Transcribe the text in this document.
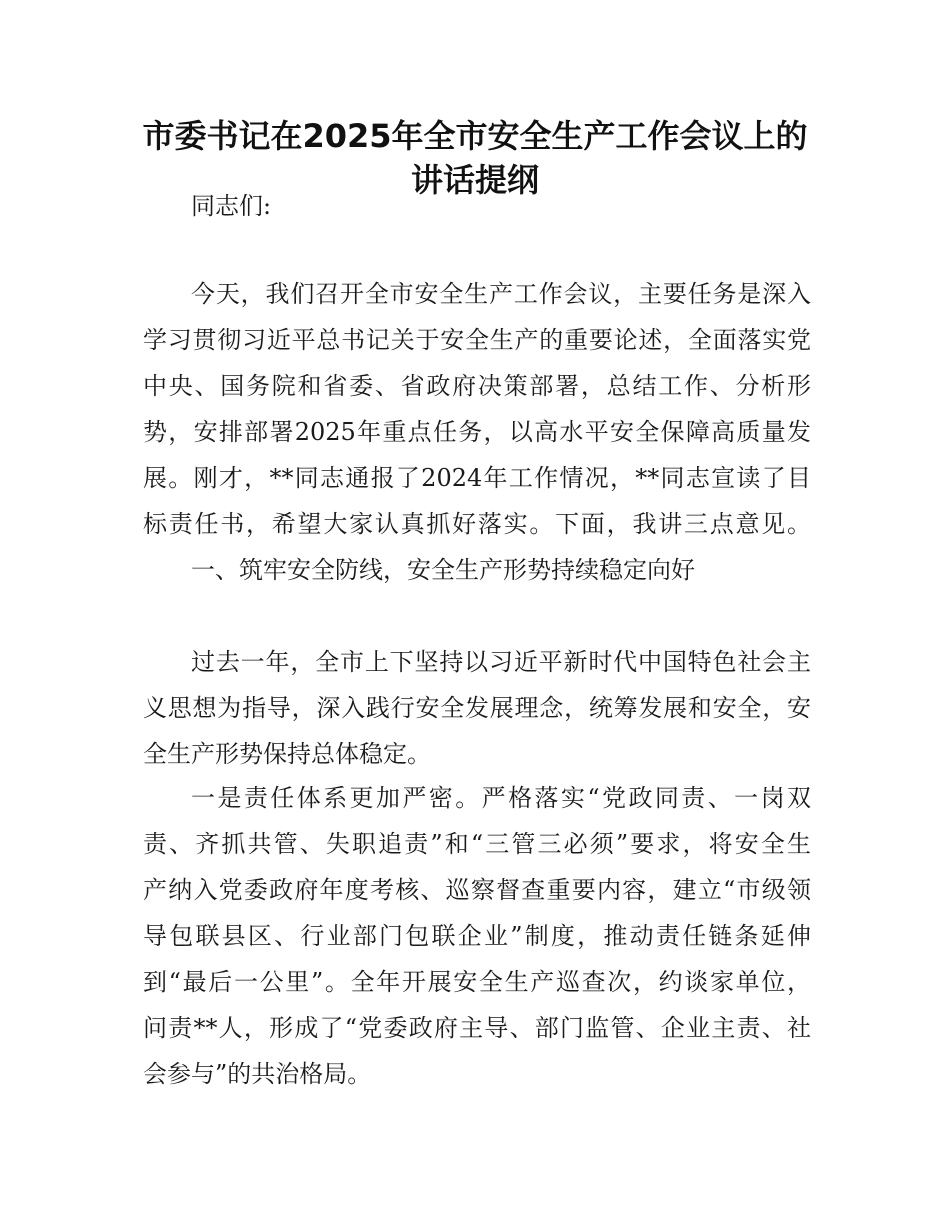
市委书记在2025年全市安全生产工作会议上的
讲话提纲
同志们:
今天，我们召开全市安全生产工作会议，主要任务是深入
学习贯彻习近平总书记关于安全生产的重要论述，全面落实党
中央、国务院和省委、省政府决策部署，总结工作、分析形
势，安排部署2025年重点任务，以高水平安全保障高质量发
展。刚才，**同志通报了2024年工作情况，**同志宣读了目
标责任书，希望大家认真抓好落实。下面，我讲三点意见。
一、筑牢安全防线，安全生产形势持续稳定向好
过去一年，全市上下坚持以习近平新时代中国特色社会主
义思想为指导，深入践行安全发展理念，统筹发展和安全，安
全生产形势保持总体稳定。
一是责任体系更加严密。严格落实“党政同责、一岗双
责、齐抓共管、失职追责”和“三管三必须”要求，将安全生
产纳入党委政府年度考核、巡察督查重要内容，建立“市级领
导包联县区、行业部门包联企业”制度，推动责任链条延伸
到“最后一公里”。全年开展安全生产巡查次，约谈家单位，
问责**人，形成了“党委政府主导、部门监管、企业主责、社
会参与”的共治格局。
